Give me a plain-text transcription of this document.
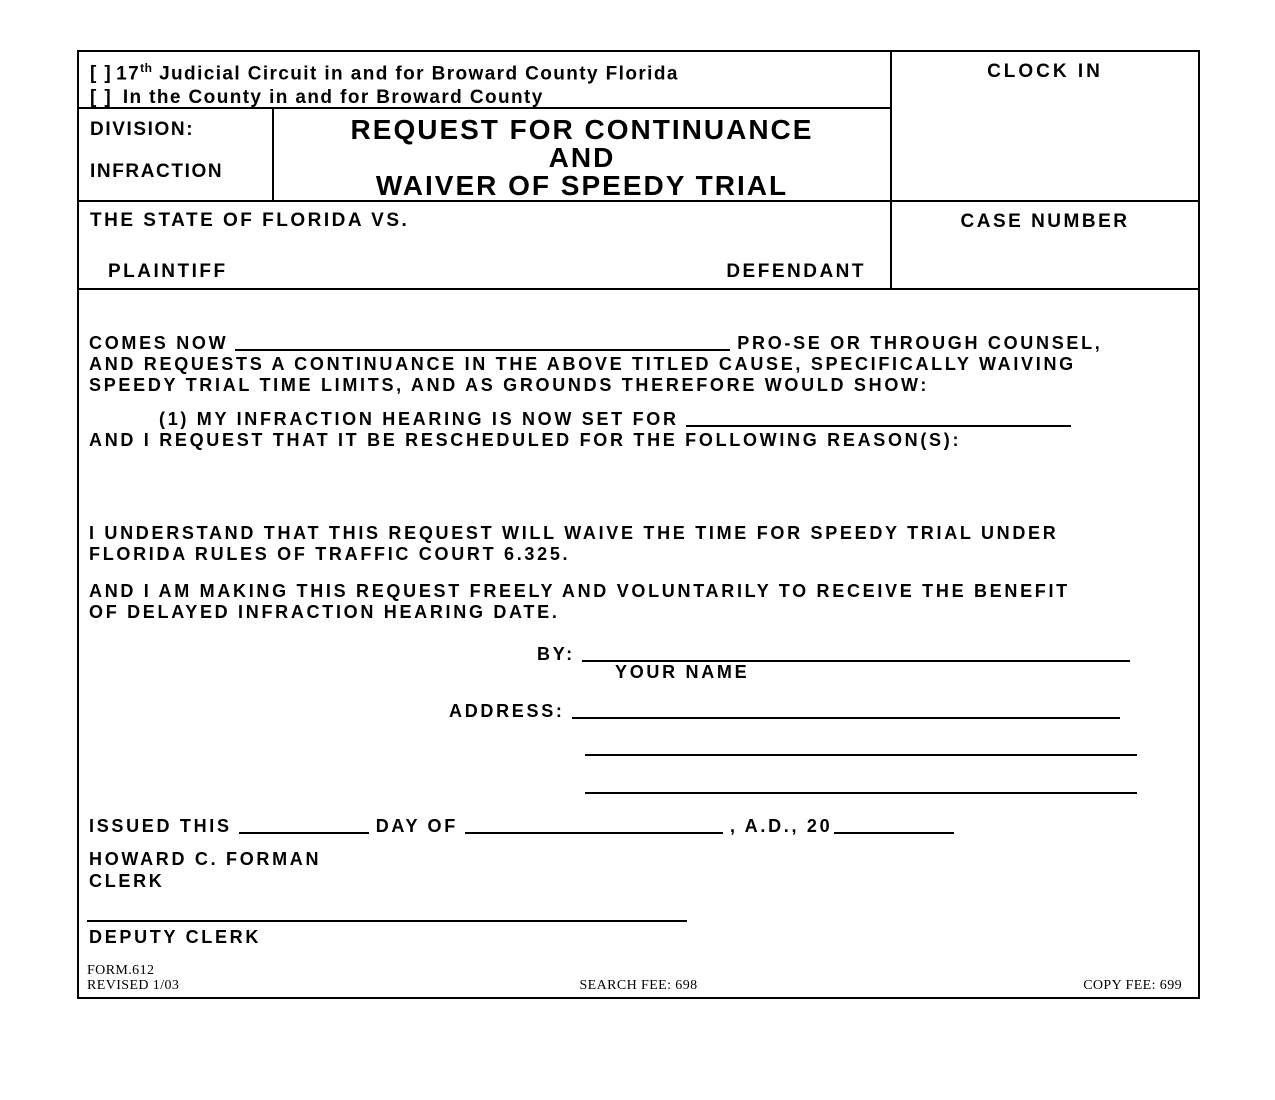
[ ] 17th Judicial Circuit in and for Broward County Florida
[ ] In the County in and for Broward County
DIVISION:
INFRACTION
REQUEST FOR CONTINUANCE
AND
WAIVER OF SPEEDY TRIAL
CLOCK IN
THE STATE OF FLORIDA VS.
PLAINTIFF	DEFENDANT
CASE NUMBER
COMES NOW	PRO-SE OR THROUGH COUNSEL,
AND REQUESTS A CONTINUANCE IN THE ABOVE TITLED CAUSE, SPECIFICALLY WAIVING
SPEEDY TRIAL TIME LIMITS, AND AS GROUNDS THEREFORE WOULD SHOW:
(1) MY INFRACTION HEARING IS NOW SET FOR
AND I REQUEST THAT IT BE RESCHEDULED FOR THE FOLLOWING REASON(S):
I UNDERSTAND THAT THIS REQUEST WILL WAIVE THE TIME FOR SPEEDY TRIAL UNDER
FLORIDA RULES OF TRAFFIC COURT 6.325.
AND I AM MAKING THIS REQUEST FREELY AND VOLUNTARILY TO RECEIVE THE BENEFIT
OF DELAYED INFRACTION HEARING DATE.
BY:
YOUR NAME
ADDRESS:
ISSUED THIS	DAY OF	, A.D., 20
HOWARD C. FORMAN
CLERK
DEPUTY CLERK
FORM.612
REVISED 1/03	SEARCH FEE: 698	COPY FEE: 699
